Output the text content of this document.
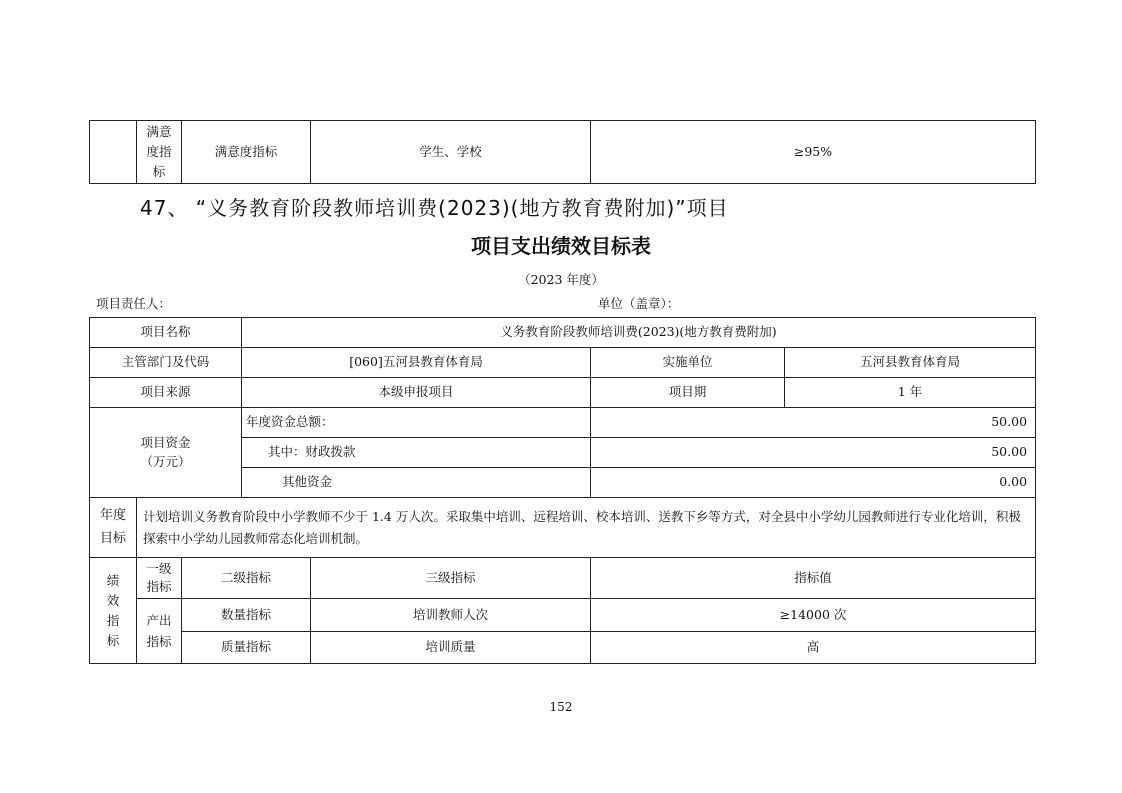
	满意度指标	满意度指标	学生、学校	≥95%
47、 “义务教育阶段教师培训费(2023)(地方教育费附加)”项目
项目支出绩效目标表
（2023 年度）
项目责任人：	单位（盖章）：
项目名称			义务教育阶段教师培训费(2023)(地方教育费附加)			
主管部门及代码			[060]五河县教育体育局		实施单位	五河县教育体育局
项目来源			本级申报项目		项目期	1 年

项目资金
（万元）			年度资金总额：		50.00	
			其中：财政拨款		50.00	
			其他资金		0.00	

年度目标	计划培训义务教育阶段中小学教师不少于 1.4 万人次。采取集中培训、远程培训、校本培训、送教下乡等方式，对全县中小学幼儿园教师进行专业化培训，积极探索中小学幼儿园教师常态化培训机制。					

绩效指标	一级指标	二级指标		三级指标	指标值	

	产出指标	数量指标		培训教师人次	≥14000 次	
		质量指标		培训质量	高	
152
